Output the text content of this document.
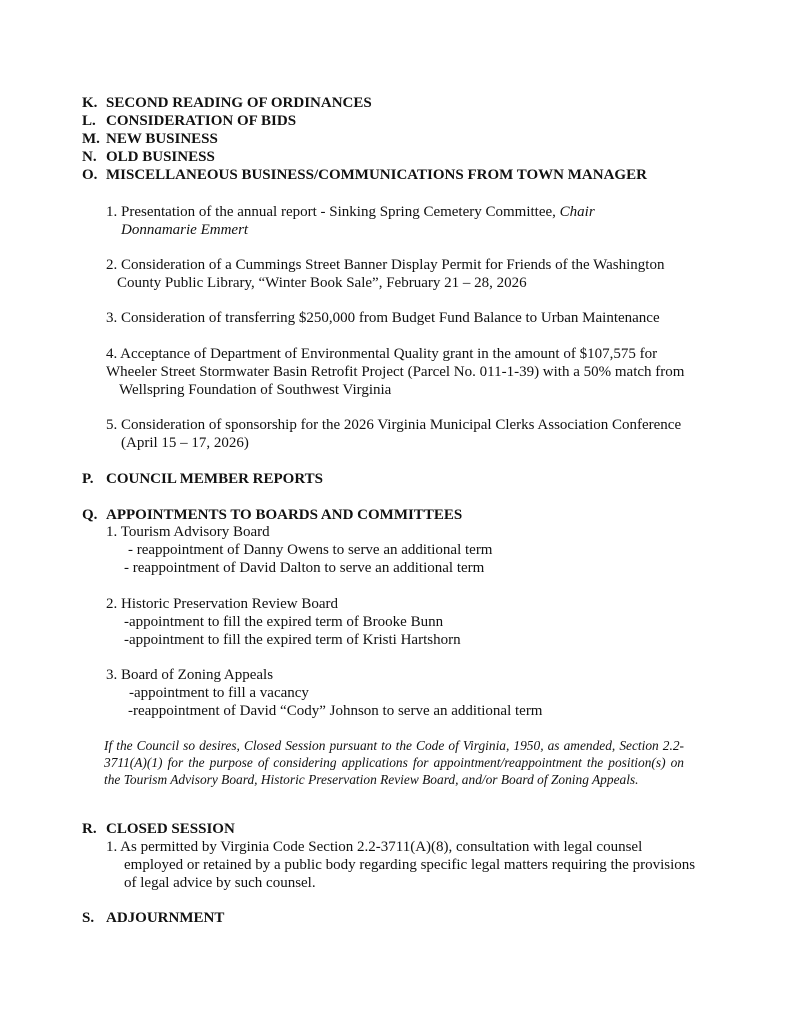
K. SECOND READING OF ORDINANCES
L. CONSIDERATION OF BIDS
M. NEW BUSINESS
N. OLD BUSINESS
O. MISCELLANEOUS BUSINESS/COMMUNICATIONS FROM TOWN MANAGER
1. Presentation of the annual report - Sinking Spring Cemetery Committee, Chair
Donnamarie Emmert
2. Consideration of a Cummings Street Banner Display Permit for Friends of the Washington
County Public Library, “Winter Book Sale”, February 21 – 28, 2026
3. Consideration of transferring $250,000 from Budget Fund Balance to Urban Maintenance
4. Acceptance of Department of Environmental Quality grant in the amount of $107,575 for
Wheeler Street Stormwater Basin Retrofit Project (Parcel No. 011-1-39) with a 50% match from
Wellspring Foundation of Southwest Virginia
5. Consideration of sponsorship for the 2026 Virginia Municipal Clerks Association Conference
(April 15 – 17, 2026)
P. COUNCIL MEMBER REPORTS
Q. APPOINTMENTS TO BOARDS AND COMMITTEES
1. Tourism Advisory Board
- reappointment of Danny Owens to serve an additional term
- reappointment of David Dalton to serve an additional term
2. Historic Preservation Review Board
-appointment to fill the expired term of Brooke Bunn
-appointment to fill the expired term of Kristi Hartshorn
3. Board of Zoning Appeals
-appointment to fill a vacancy
-reappointment of David “Cody” Johnson to serve an additional term
If the Council so desires, Closed Session pursuant to the Code of Virginia, 1950, as amended, Section 2.2-3711(A)(1) for the purpose of considering applications for appointment/reappointment the position(s) on the Tourism Advisory Board, Historic Preservation Review Board, and/or Board of Zoning Appeals.
R. CLOSED SESSION
1. As permitted by Virginia Code Section 2.2-3711(A)(8), consultation with legal counsel
employed or retained by a public body regarding specific legal matters requiring the provisions
of legal advice by such counsel.
S. ADJOURNMENT
